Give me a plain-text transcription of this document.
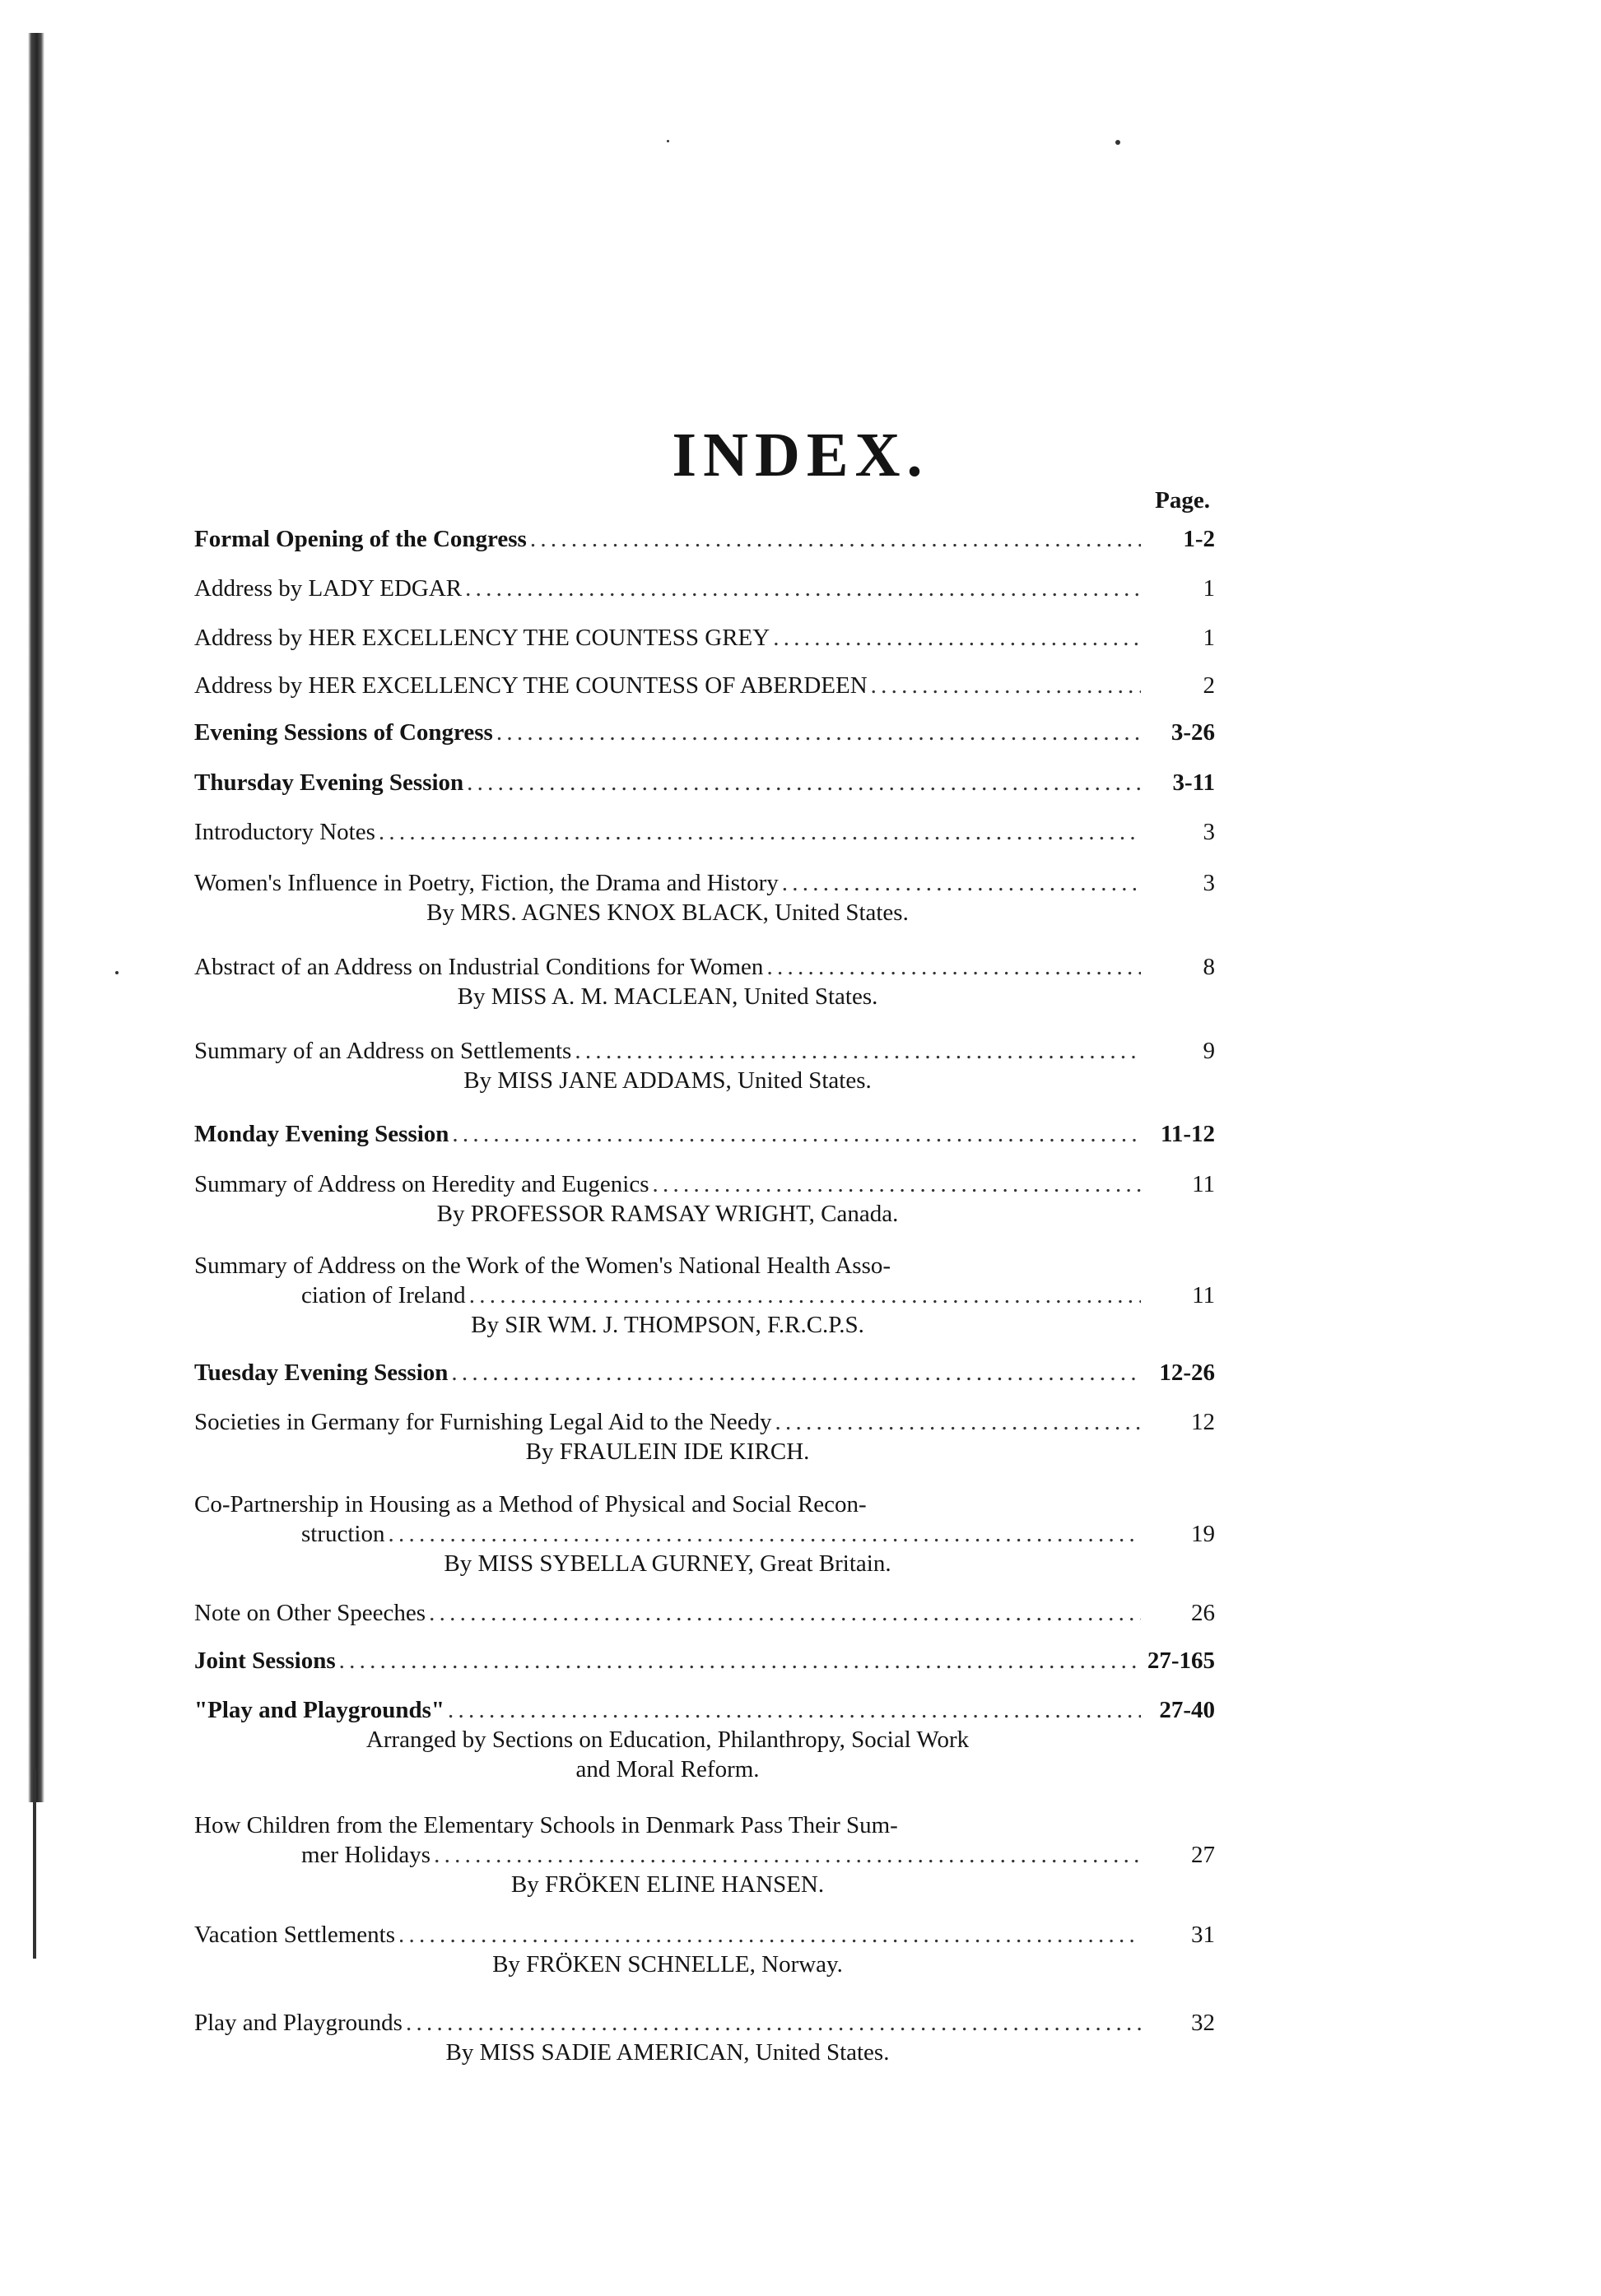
INDEX.
Page.
Formal Opening of the Congress . . .	1-2
Address by LADY EDGAR . . .	1
Address by HER EXCELLENCY THE COUNTESS GREY . . .	1
Address by HER EXCELLENCY THE COUNTESS OF ABERDEEN . . .	2
Evening Sessions of Congress . . .	3-26
Thursday Evening Session . . .	3-11
Introductory Notes . . .	3
Women's Influence in Poetry, Fiction, the Drama and History . . .	3
By MRS. AGNES KNOX BLACK, United States.
Abstract of an Address on Industrial Conditions for Women . . .	8
By MISS A. M. MACLEAN, United States.
Summary of an Address on Settlements . . .	9
By MISS JANE ADDAMS, United States.
Monday Evening Session . . .	11-12
Summary of Address on Heredity and Eugenics . . .	11
By PROFESSOR RAMSAY WRIGHT, Canada.
Summary of Address on the Work of the Women's National Health Asso-
ciation of Ireland . . .	11
By SIR WM. J. THOMPSON, F.R.C.P.S.
Tuesday Evening Session . . .	12-26
Societies in Germany for Furnishing Legal Aid to the Needy . . .	12
By FRAULEIN IDE KIRCH.
Co-Partnership in Housing as a Method of Physical and Social Recon-
struction . . .	19
By MISS SYBELLA GURNEY, Great Britain.
Note on Other Speeches . . .	26
Joint Sessions . . .	27-165
"Play and Playgrounds" . . .	27-40
Arranged by Sections on Education, Philanthropy, Social Work
and Moral Reform.
How Children from the Elementary Schools in Denmark Pass Their Sum-
mer Holidays . . .	27
By FRÖKEN ELINE HANSEN.
Vacation Settlements . . .	31
By FRÖKEN SCHNELLE, Norway.
Play and Playgrounds . . .	32
By MISS SADIE AMERICAN, United States.
